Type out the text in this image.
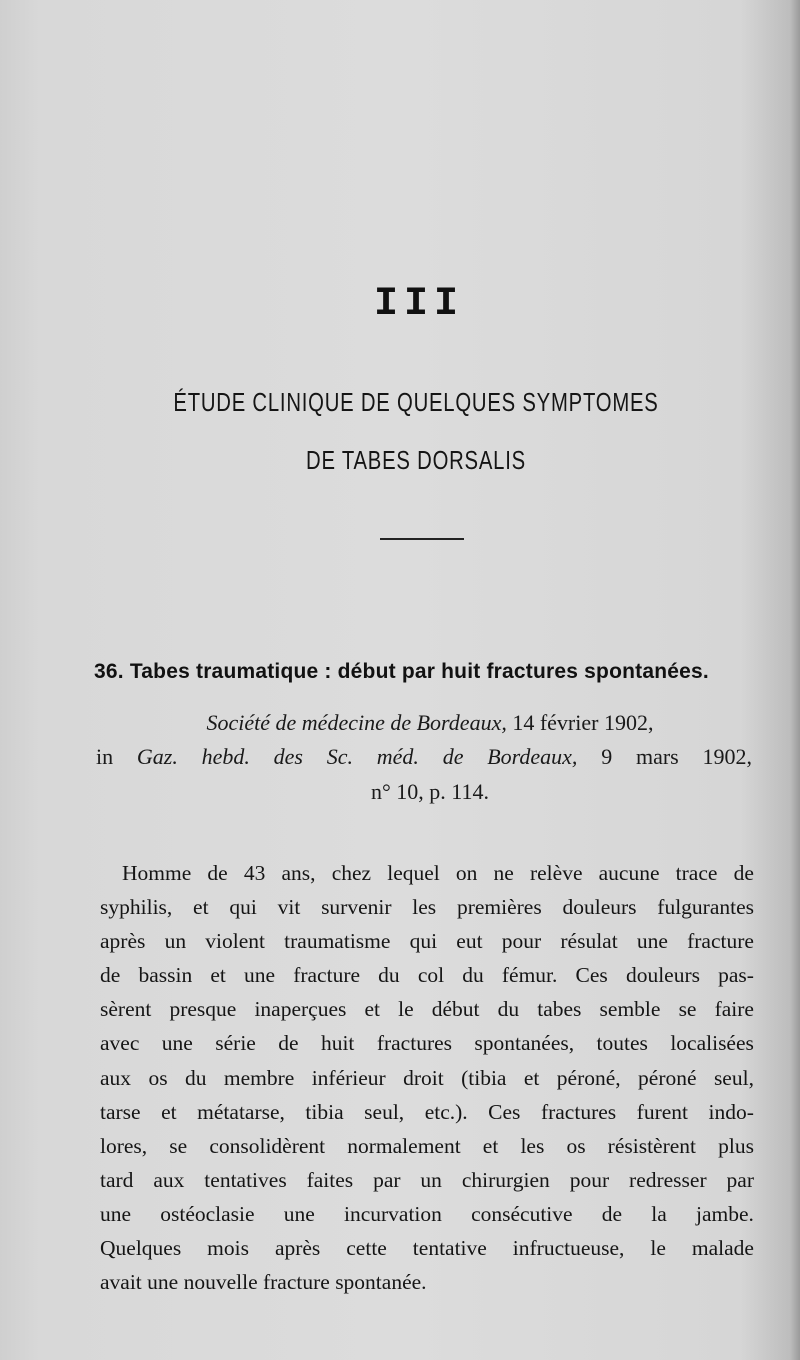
III
ÉTUDE CLINIQUE DE QUELQUES SYMPTOMES
DE TABES DORSALIS
36. Tabes traumatique : début par huit fractures spontanées.
Société de médecine de Bordeaux, 14 février 1902,
in Gaz. hebd. des Sc. méd. de Bordeaux, 9 mars 1902,
n° 10, p. 114.
Homme de 43 ans, chez lequel on ne relève aucune trace de
syphilis, et qui vit survenir les premières douleurs fulgurantes
après un violent traumatisme qui eut pour résulat une fracture
de bassin et une fracture du col du fémur. Ces douleurs pas-
sèrent presque inaperçues et le début du tabes semble se faire
avec une série de huit fractures spontanées, toutes localisées
aux os du membre inférieur droit (tibia et péroné, péroné seul,
tarse et métatarse, tibia seul, etc.). Ces fractures furent indo-
lores, se consolidèrent normalement et les os résistèrent plus
tard aux tentatives faites par un chirurgien pour redresser par
une ostéoclasie une incurvation consécutive de la jambe.
Quelques mois après cette tentative infructueuse, le malade
avait une nouvelle fracture spontanée.
